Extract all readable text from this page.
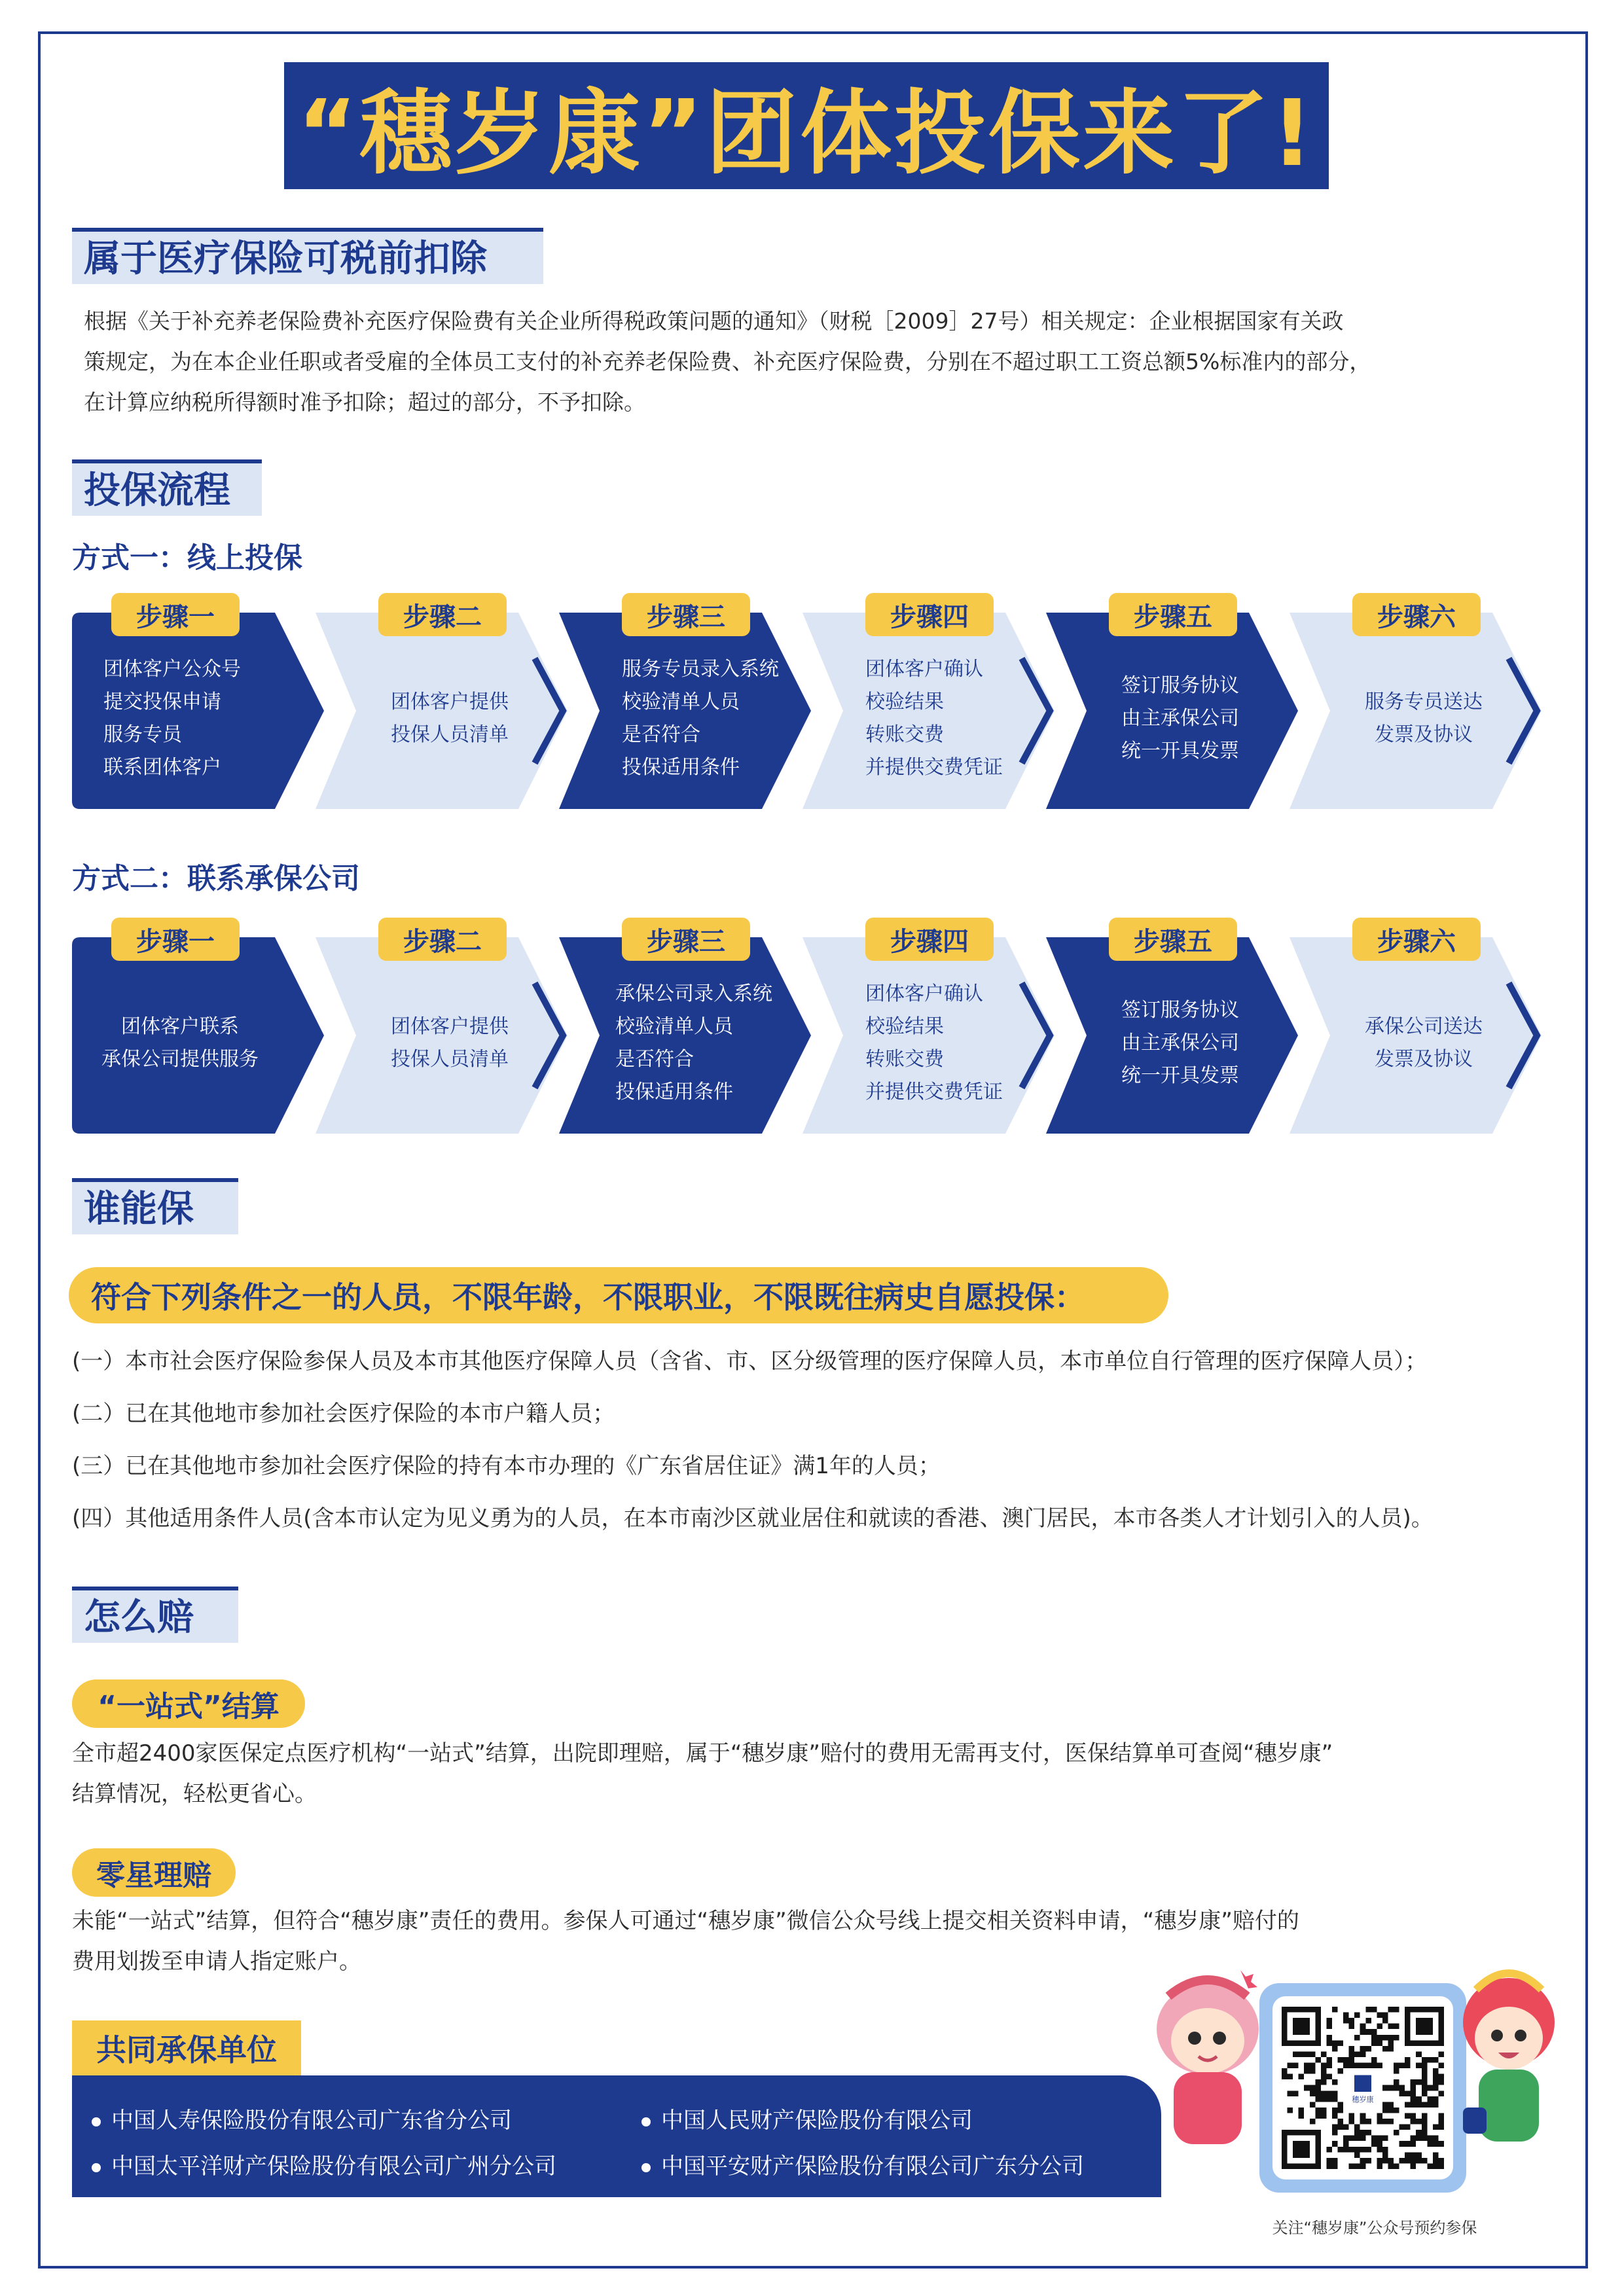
“穗岁康”团体投保来了!
属于医疗保险可税前扣除
根据《关于补充养老保险费补充医疗保险费有关企业所得税政策问题的通知》（财税［2009］27号）相关规定：企业根据国家有关政
策规定，为在本企业任职或者受雇的全体员工支付的补充养老保险费、补充医疗保险费，分别在不超过职工工资总额5%标准内的部分，
在计算应纳税所得额时准予扣除；超过的部分，不予扣除。
投保流程
方式一：线上投保
步骤一
团体客户公众号
提交投保申请
服务专员
联系团体客户
步骤二
团体客户提供
投保人员清单
步骤三
服务专员录入系统
校验清单人员
是否符合
投保适用条件
步骤四
团体客户确认
校验结果
转账交费
并提供交费凭证
步骤五
签订服务协议
由主承保公司
统一开具发票
步骤六
服务专员送达
发票及协议
方式二：联系承保公司
步骤一
团体客户联系
承保公司提供服务
步骤二
团体客户提供
投保人员清单
步骤三
承保公司录入系统
校验清单人员
是否符合
投保适用条件
步骤四
团体客户确认
校验结果
转账交费
并提供交费凭证
步骤五
签订服务协议
由主承保公司
统一开具发票
步骤六
承保公司送达
发票及协议
谁能保
符合下列条件之一的人员，不限年龄，不限职业，不限既往病史自愿投保：
(一）本市社会医疗保险参保人员及本市其他医疗保障人员（含省、市、区分级管理的医疗保障人员，本市单位自行管理的医疗保障人员）；
(二）已在其他地市参加社会医疗保险的本市户籍人员；
(三）已在其他地市参加社会医疗保险的持有本市办理的《广东省居住证》满1年的人员；
(四）其他适用条件人员(含本市认定为见义勇为的人员，在本市南沙区就业居住和就读的香港、澳门居民，本市各类人才计划引入的人员)。
怎么赔
“一站式”结算
全市超2400家医保定点医疗机构“一站式”结算，出院即理赔，属于“穗岁康”赔付的费用无需再支付，医保结算单可查阅“穗岁康”
结算情况，轻松更省心。
零星理赔
未能“一站式”结算，但符合“穗岁康”责任的费用。参保人可通过“穗岁康”微信公众号线上提交相关资料申请，“穗岁康”赔付的
费用划拨至申请人指定账户。
共同承保单位
中国人寿保险股份有限公司广东省分公司	中国人民财产保险股份有限公司
中国太平洋财产保险股份有限公司广州分公司	中国平安财产保险股份有限公司广东分公司
穗岁康
关注“穗岁康”公众号预约参保
